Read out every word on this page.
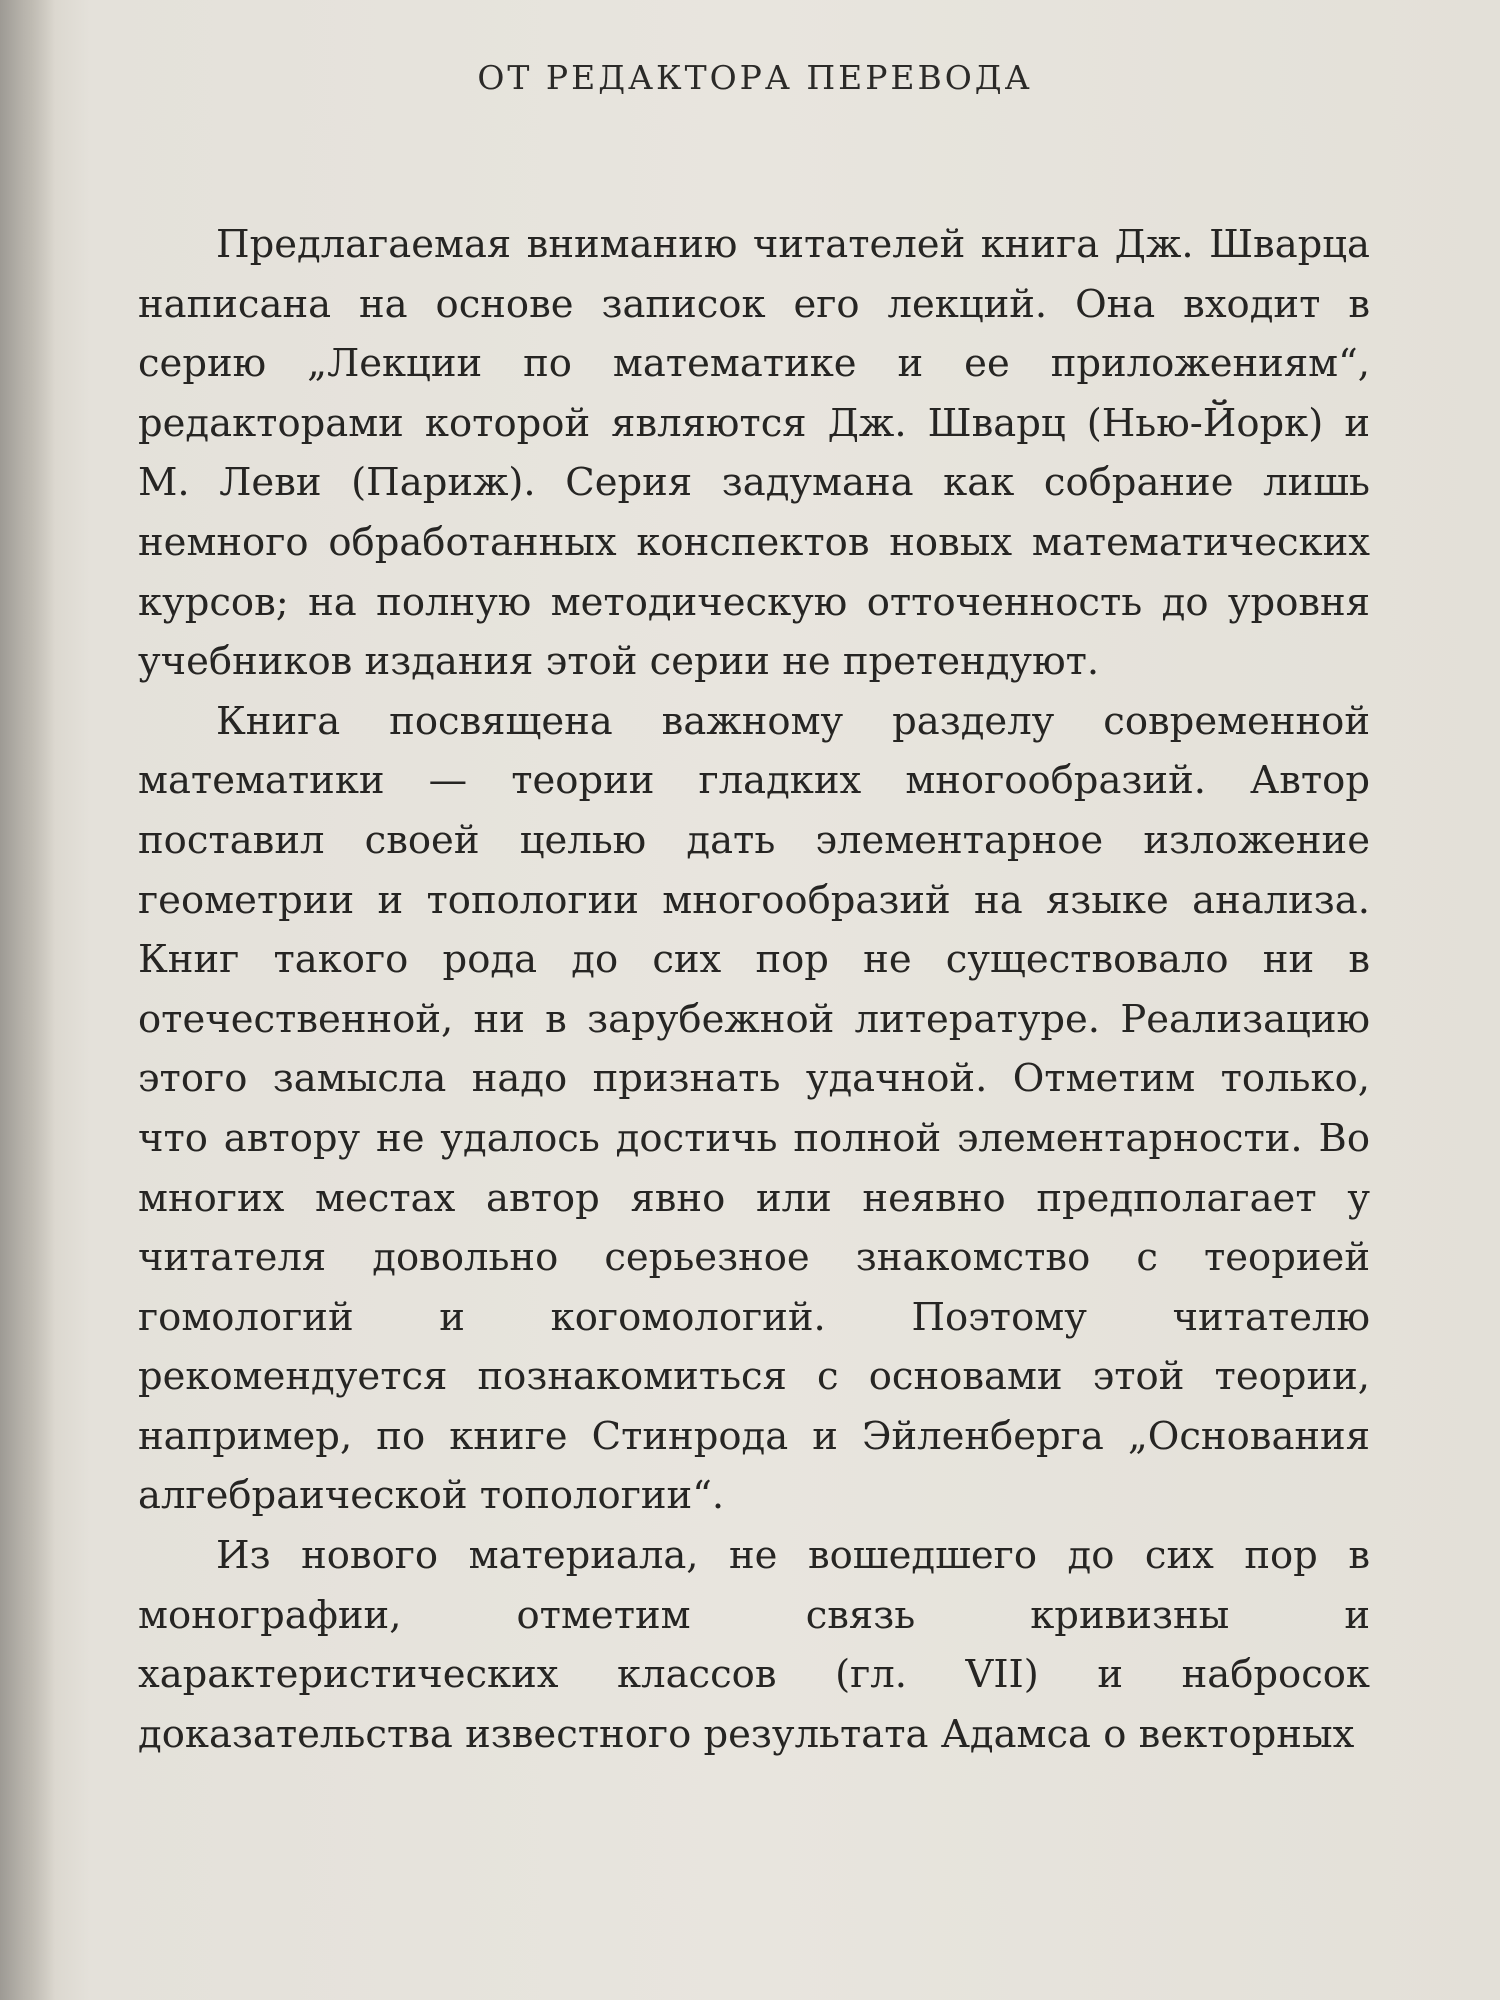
ОТ РЕДАКТОРА ПЕРЕВОДА

Предлагаемая вниманию читателей книга Дж. Шварца написана на основе записок его лекций. Она входит в серию „Лекции по математике и ее приложениям“, редакторами которой являются Дж. Шварц (Нью-Йорк) и М. Леви (Париж). Серия задумана как собрание лишь немного обработанных конспектов новых математических курсов; на полную методическую отточенность до уровня учебников издания этой серии не претендуют.

Книга посвящена важному разделу современной математики — теории гладких многообразий. Автор поставил своей целью дать элементарное изложение геометрии и топологии многообразий на языке анализа. Книг такого рода до сих пор не существовало ни в отечественной, ни в зарубежной литературе. Реализацию этого замысла надо признать удачной. Отметим только, что автору не удалось достичь полной элементарности. Во многих местах автор явно или неявно предполагает у читателя довольно серьезное знакомство с теорией гомологий и когомологий. Поэтому читателю рекомендуется познакомиться с основами этой теории, например, по книге Стинрода и Эйленберга „Основания алгебраической топологии“.

Из нового материала, не вошедшего до сих пор в монографии, отметим связь кривизны и характеристических классов (гл. VII) и набросок доказательства известного результата Адамса о векторных
